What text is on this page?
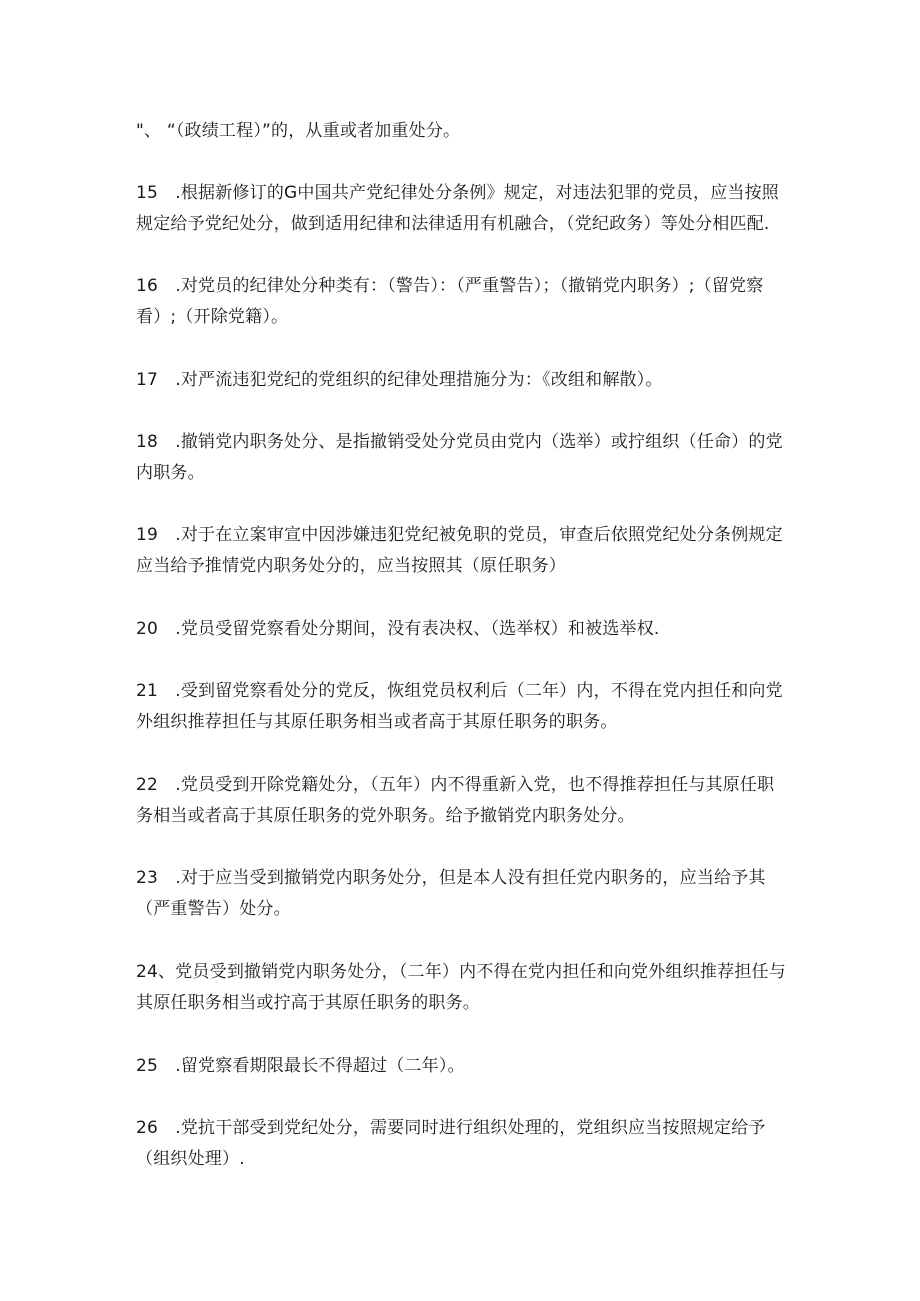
"、 “（政绩工程）”的，从重或者加重处分。

15　.根据新修订的G中国共产党纪律处分条例》规定，对违法犯罪的党员，应当按照规定给予党纪处分，做到适用纪律和法律适用有机融合，（党纪政务）等处分相匹配.

16　.对党员的纪律处分种类有：（警告）：（严重警告）；（撤销党内职务）;（留党察看）;（开除党籍）。

17　.对严流违犯党纪的党组织的纪律处理措施分为：《改组和解散）。

18　.撤销党内职务处分、是指撤销受处分党员由党内（选举）或拧组织（任命）的党内职务。

19　.对于在立案审宣中因涉嫌违犯党纪被免职的党员，审查后依照党纪处分条例规定应当给予推情党内职务处分的，应当按照其（原任职务）

20　.党员受留党察看处分期间，没有表决权、（选举权）和被选举权.

21　.受到留党察看处分的党反，恢组党员权利后（二年）内，不得在党内担任和向党外组织推荐担任与其原任职务相当或者高于其原任职务的职务。

22　.党员受到开除党籍处分，（五年）内不得重新入党，也不得推荐担任与其原任职务相当或者高于其原任职务的党外职务。给予撤销党内职务处分。

23　.对于应当受到撤销党内职务处分，但是本人没有担任党内职务的，应当给予其（严重警告）处分。

24、党员受到撤销党内职务处分，（二年）内不得在党内担任和向党外组织推荐担任与其原任职务相当或拧高于其原任职务的职务。

25　.留党察看期限最长不得超过（二年）。

26　.党抗干部受到党纪处分，需要同时进行组织处理的，党组织应当按照规定给予（组织处理）.
